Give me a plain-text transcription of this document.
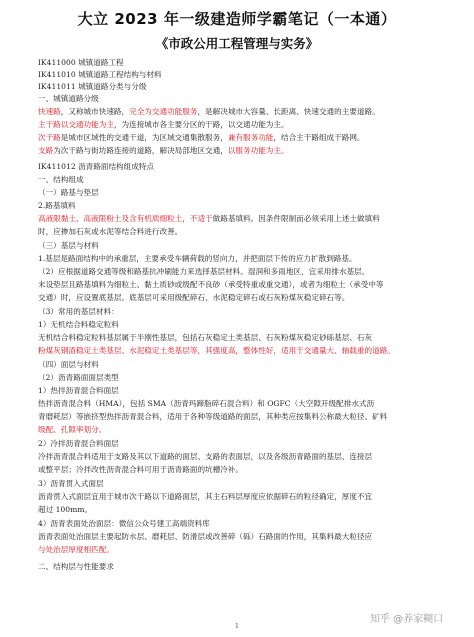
大立 2023 年一级建造师学霸笔记（一本通）
《市政公用工程管理与实务》
IK411000 城镇道路工程
IK411010 城镇道路工程结构与材料
IK411011 城镇道路分类与分级
一、城镇道路分级
快速路，又称城市快速路，完全为交通功能服务，是解决城市大容量、长距离、快速交通的主要道路。
主干路以交通功能为主，为连接城市各主要分区的干路，以交通功能为主。
次干路是城市区域性的交通干道，为区域交通集散服务，兼有服务功能，结合主干路组成干路网。
支路为次干路与街坊路连接的道路，解决局部地区交通，以服务功能为主。
IK411012 沥青路面结构组成特点
一、结构组成
（一）路基与垫层
2.路基填料
高液限黏土、高液限粉土及含有机质细粒土，不适于做路基填料。因条件限制而必须采用上述土做填料
时，应掺加石灰或水泥等结合料进行改善。
（三）基层与材料
1.基层是路面结构中的承重层，主要承受车辆荷载的竖向力，并把面层下传的应力扩散到路基。
（2）应根据道路交通等级和路基抗冲刷能力来选择基层材料。湿润和多雨地区，宜采用排水基层。
未设垫层且路基填料为细粒土、黏土质砂或级配不良砂（承受特重或重交通），或者为细粒土（承受中等
交通）时，应设置底基层。底基层可采用级配碎石、水泥稳定碎石或石灰粉煤灰稳定碎石等。
（3）常用的基层材料：
1）无机结合料稳定粒料
无机结合料稳定粒料基层属于半刚性基层，包括石灰稳定土类基层、石灰粉煤灰稳定砂砾基层、石灰
粉煤灰钢渣稳定土类基层、水泥稳定土类基层等，其强度高，整体性好，适用于交通量大、轴载重的道路。
（四）面层与材料
（2）沥青路面面层类型
1）热拌沥青混合料面层
热拌沥青混合料（HMA），包括 SMA（沥青玛蹄脂碎石混合料）和 OGFC（大空隙开级配排水式沥
青磨耗层）等嵌挤型热拌沥青混合料，适用于各种等级道路的面层，其种类应按集料公称最大粒径、矿料
级配、孔隙率划分。
2）冷拌沥青混合料面层
冷拌沥青混合料适用于支路及其以下道路的面层、支路的表面层，以及各级沥青路面的基层、连接层
或整平层；冷拌改性沥青混合料可用于沥青路面的坑槽冷补。
3）沥青贯入式面层
沥青贯入式面层宜用于城市次干路以下道路面层，其主石料层厚度应依据碎石的粒径确定，厚度不宜
超过 100mm。
4）沥青表面处治面层：微信公众号建工高端资料库
沥青表面处治面层主要起防水层、磨耗层、防滑层或改善碎（砾）石路面的作用，其集料最大粒径应
与处治层厚度相匹配。
二、结构层与性能要求
1
知乎 @养家糊口
